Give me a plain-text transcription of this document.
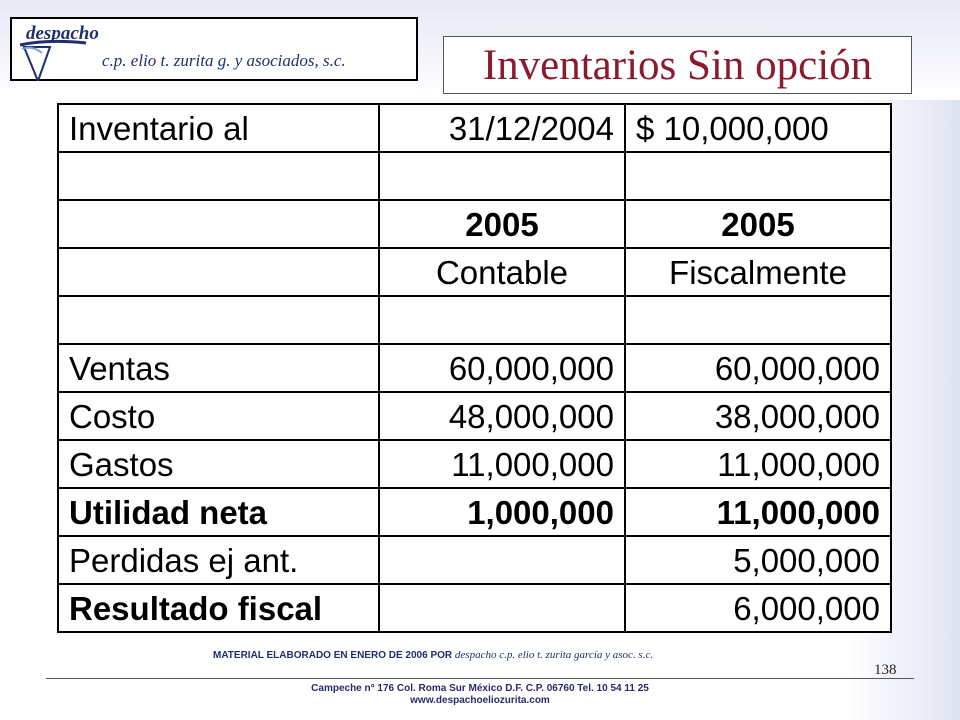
despacho
c.p. elio t. zurita g. y asociados, s.c.	Inventarios Sin opción
Inventario al	31/12/2004	$ 10,000,000

	2005	2005
	Contable	Fiscalmente

Ventas	60,000,000	60,000,000
Costo	48,000,000	38,000,000
Gastos	11,000,000	11,000,000
Utilidad neta	1,000,000	11,000,000
Perdidas ej ant.		5,000,000
Resultado fiscal		6,000,000
MATERIAL ELABORADO EN ENERO DE 2006 POR despacho c.p. elio t. zurita garcía y asoc. s.c.
138
Campeche n° 176 Col. Roma Sur México D.F. C.P. 06760 Tel. 10 54 11 25
www.despachoeliozurita.com
